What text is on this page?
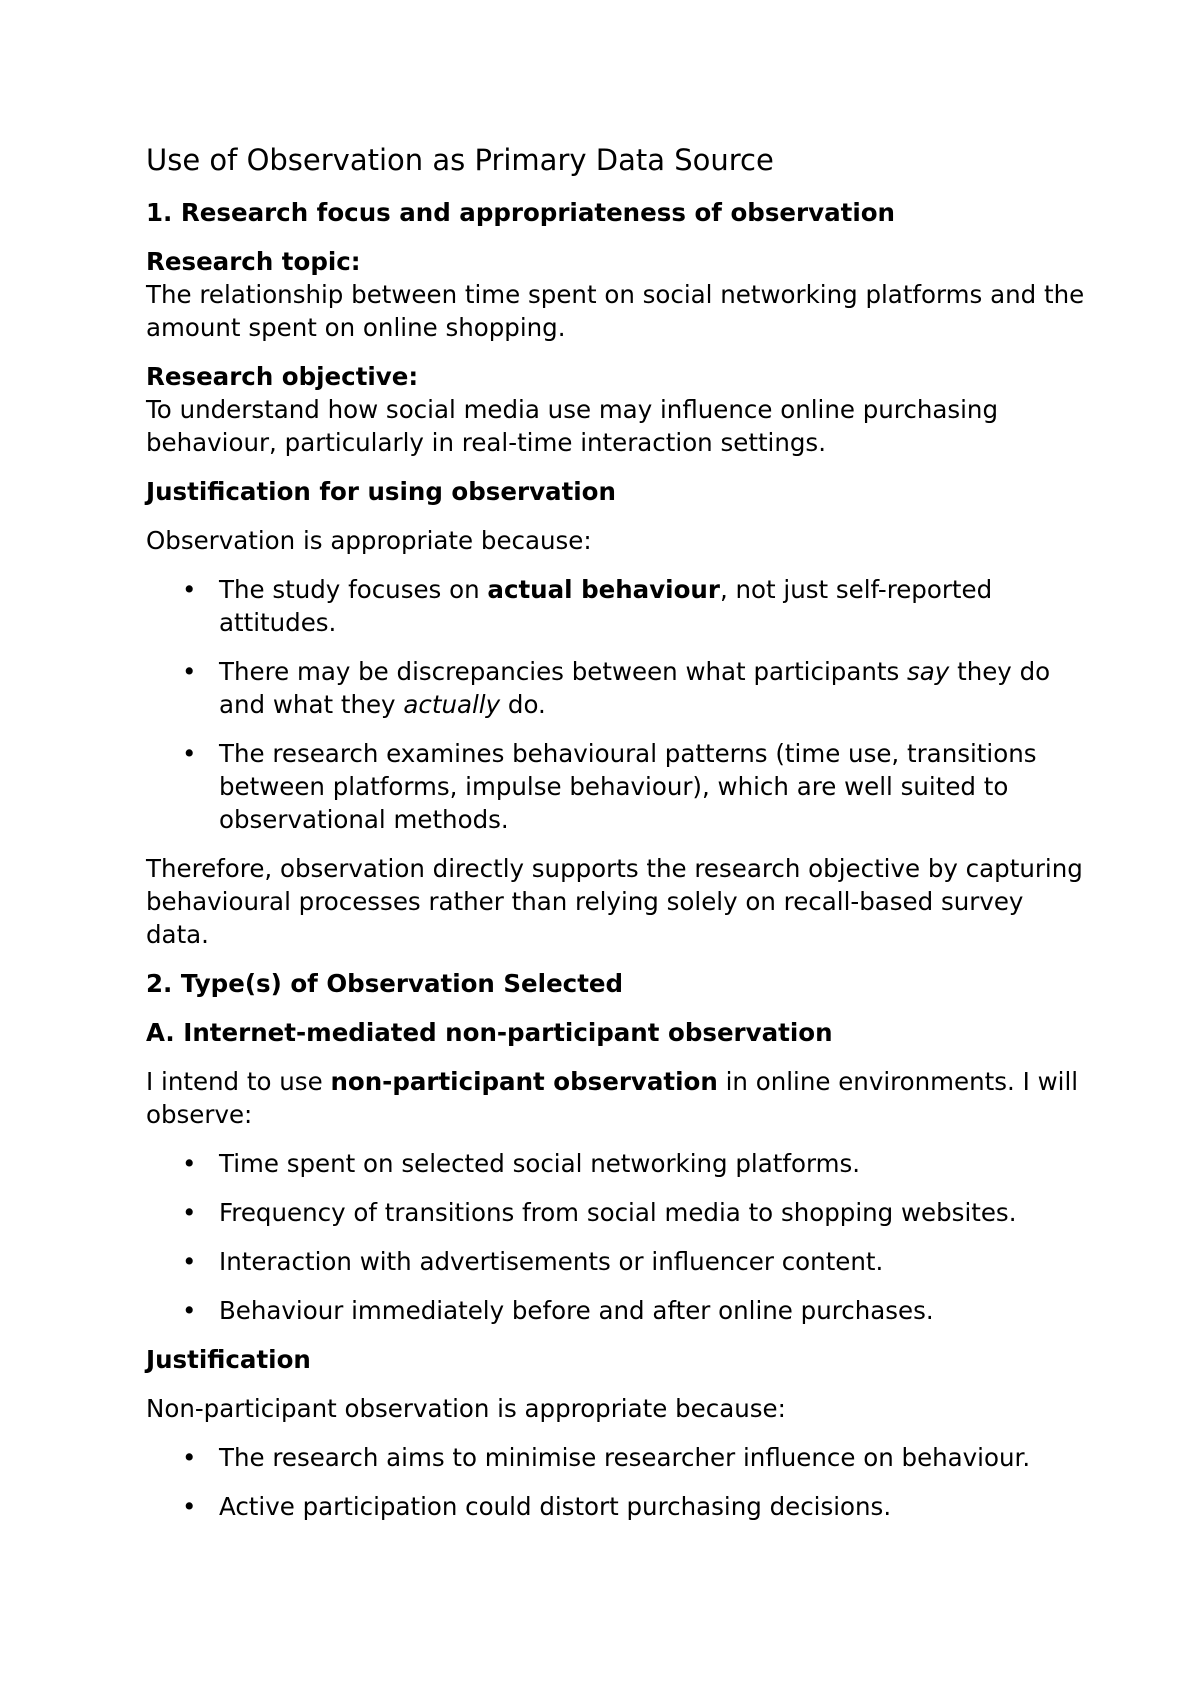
Use of Observation as Primary Data Source
1. Research focus and appropriateness of observation

Research topic:
The relationship between time spent on social networking platforms and the amount spent on online shopping.

Research objective:
To understand how social media use may influence online purchasing behaviour, particularly in real-time interaction settings.

Justification for using observation

Observation is appropriate because:

• The study focuses on actual behaviour, not just self-reported attitudes.
• There may be discrepancies between what participants say they do and what they actually do.
• The research examines behavioural patterns (time use, transitions between platforms, impulse behaviour), which are well suited to observational methods.

Therefore, observation directly supports the research objective by capturing behavioural processes rather than relying solely on recall-based survey data.

2. Type(s) of Observation Selected
A. Internet-mediated non-participant observation

I intend to use non-participant observation in online environments. I will observe:

• Time spent on selected social networking platforms.
• Frequency of transitions from social media to shopping websites.
• Interaction with advertisements or influencer content.
• Behaviour immediately before and after online purchases.
Justification

Non-participant observation is appropriate because:

• The research aims to minimise researcher influence on behaviour.
• Active participation could distort purchasing decisions.
